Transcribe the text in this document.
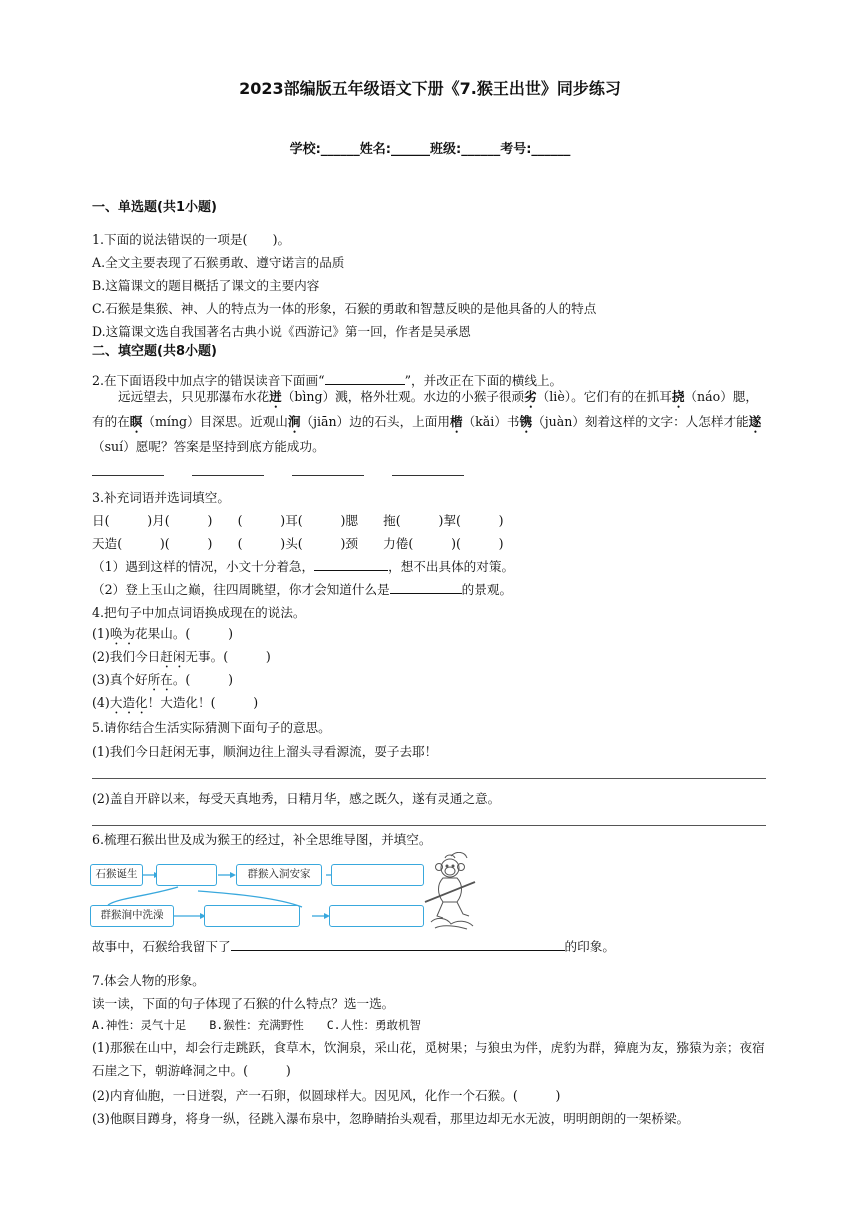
2023部编版五年级语文下册《7.猴王出世》同步练习
学校:______姓名:______班级:______考号:______
一、单选题(共1小题)
1.下面的说法错误的一项是(　　)。
A.全文主要表现了石猴勇敢、遵守诺言的品质
B.这篇课文的题目概括了课文的主要内容
C.石猴是集猴、神、人的特点为一体的形象，石猴的勇敢和智慧反映的是他具备的人的特点
D.这篇课文选自我国著名古典小说《西游记》第一回，作者是吴承恩
二、填空题(共8小题)
2.在下面语段中加点字的错误读音下面画“	”，并改正在下面的横线上。
远远望去，只见那瀑布水花迸（bìng）溅，格外壮观。水边的小猴子很顽劣（liè）。它们有的在抓耳挠（náo）腮，有的在瞑（míng）目深思。近观山涧（jiān）边的石头，上面用楷（kǎi）书镌（juàn）刻着这样的文字：人怎样才能遂（suí）愿呢？答案是坚持到底方能成功。
3.补充词语并选词填空。
日(　　　)月(　　　)　　(　　　)耳(　　　)腮　　拖(　　　)挈(　　　)
天造(　　　)(　　　)　　(　　　)头(　　　)颈　　力倦(　　　)(　　　)
（1）遇到这样的情况，小文十分着急，	，想不出具体的对策。
（2）登上玉山之巅，往四周眺望，你才会知道什么是	的景观。
4.把句子中加点词语换成现在的说法。
(1)唤为花果山。(　　　)
(2)我们今日赶闲无事。(　　　)
(3)真个好所在。(　　　)
(4)大造化！大造化！(　　　)
5.请你结合生活实际猜测下面句子的意思。
(1)我们今日赶闲无事，顺涧边往上溜头寻看源流，耍子去耶！
(2)盖自开辟以来，每受天真地秀，日精月华，感之既久，遂有灵通之意。
6.梳理石猴出世及成为猴王的经过，补全思维导图，并填空。
石猴诞生	群猴入洞安家
群猴涧中洗澡
故事中，石猴给我留下了	的印象。
7.体会人物的形象。
读一读，下面的句子体现了石猴的什么特点？选一选。
A.神性：灵气十足　　B.猴性：充满野性　　C.人性：勇敢机智
(1)那猴在山中，却会行走跳跃，食草木，饮涧泉，采山花，觅树果；与狼虫为伴，虎豹为群，獐鹿为友，猕猿为亲；夜宿石崖之下，朝游峰洞之中。(　　　)
(2)内育仙胞，一日迸裂，产一石卵，似圆球样大。因见风，化作一个石猴。(　　　)
(3)他瞑目蹲身，将身一纵，径跳入瀑布泉中，忽睁睛抬头观看，那里边却无水无波，明明朗朗的一架桥梁。
